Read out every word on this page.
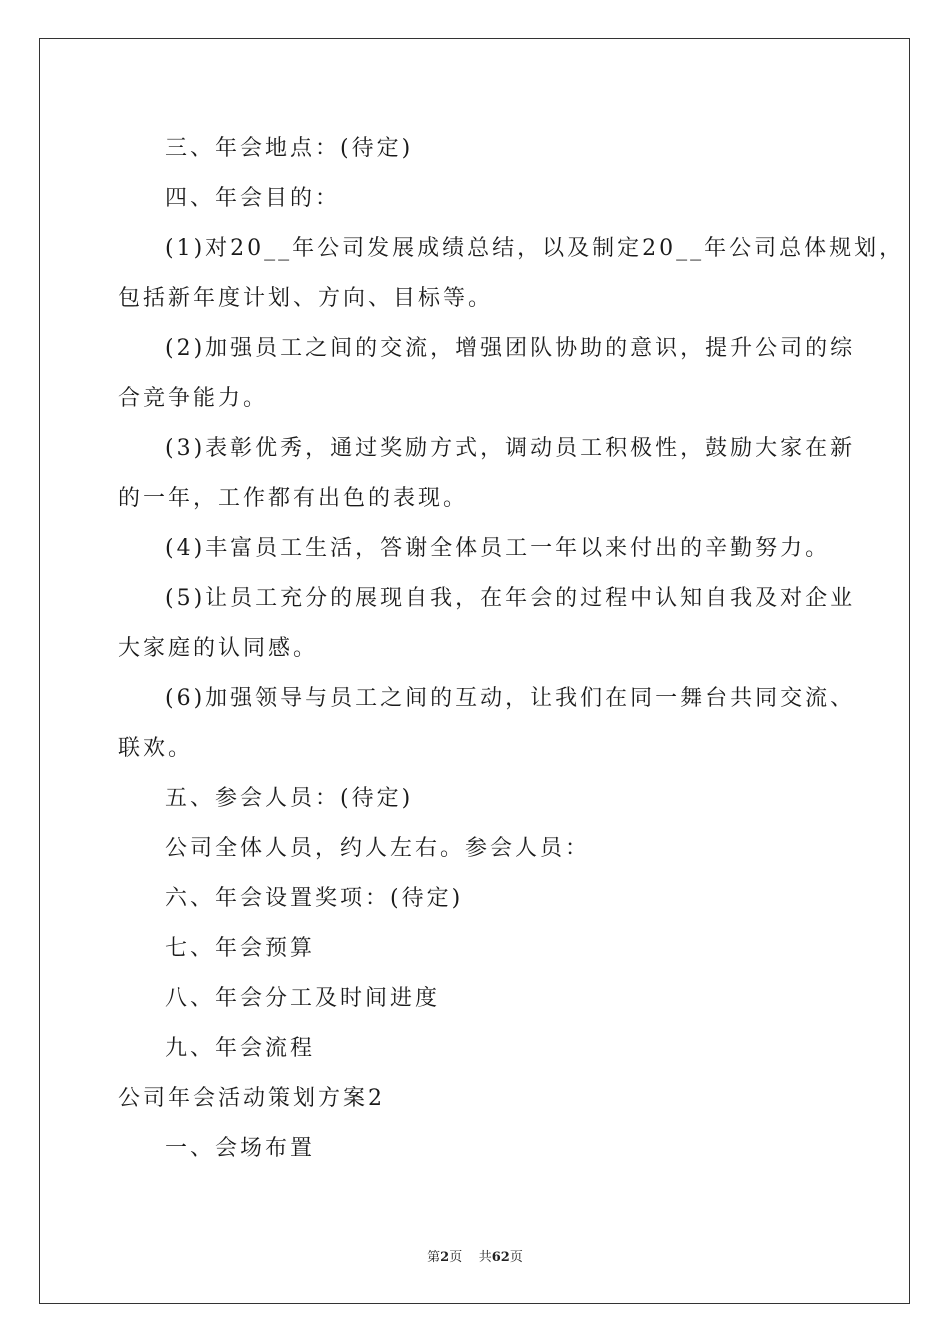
三、年会地点：(待定)
四、年会目的：
(1)对20__年公司发展成绩总结，以及制定20__年公司总体规划，
包括新年度计划、方向、目标等。
(2)加强员工之间的交流，增强团队协助的意识，提升公司的综
合竞争能力。
(3)表彰优秀，通过奖励方式，调动员工积极性，鼓励大家在新
的一年，工作都有出色的表现。
(4)丰富员工生活，答谢全体员工一年以来付出的辛勤努力。
(5)让员工充分的展现自我，在年会的过程中认知自我及对企业
大家庭的认同感。
(6)加强领导与员工之间的互动，让我们在同一舞台共同交流、
联欢。
五、参会人员：(待定)
公司全体人员，约人左右。参会人员：
六、年会设置奖项：(待定)
七、年会预算
八、年会分工及时间进度
九、年会流程
公司年会活动策划方案2
一、会场布置
第2页 共62页
